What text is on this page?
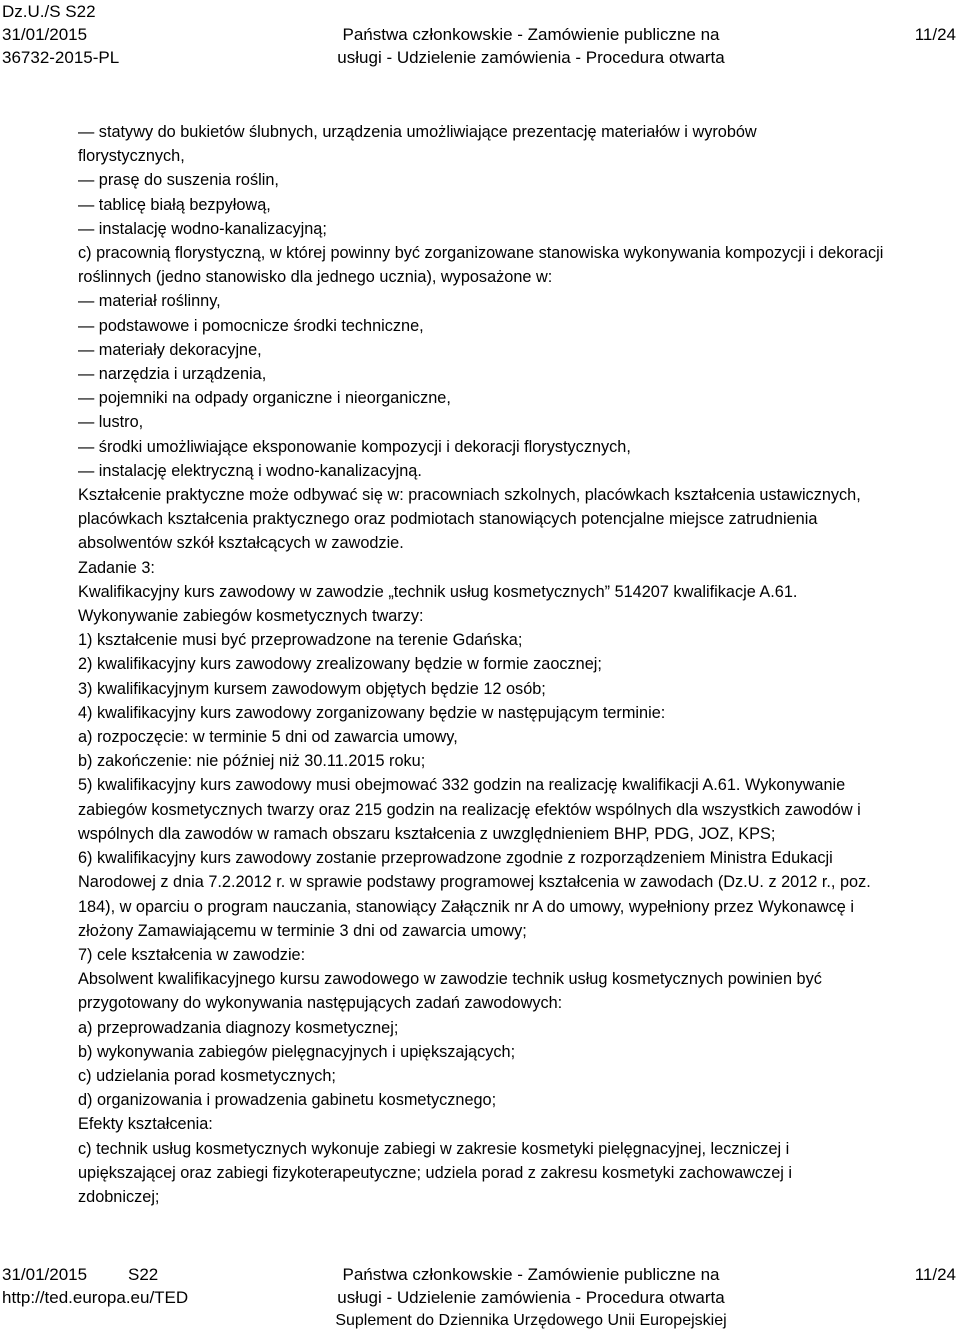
Dz.U./S S22
31/01/2015	Państwa członkowskie - Zamówienie publiczne na	11/24
36732-2015-PL	usługi - Udzielenie zamówienia - Procedura otwarta

— statywy do bukietów ślubnych, urządzenia umożliwiające prezentację materiałów i wyrobów

florystycznych,

— prasę do suszenia roślin,

— tablicę białą bezpyłową,

— instalację wodno-kanalizacyjną;

c) pracownią florystyczną, w której powinny być zorganizowane stanowiska wykonywania kompozycji i dekoracji

roślinnych (jedno stanowisko dla jednego ucznia), wyposażone w:

— materiał roślinny,

— podstawowe i pomocnicze środki techniczne,

— materiały dekoracyjne,

— narzędzia i urządzenia,

— pojemniki na odpady organiczne i nieorganiczne,

— lustro,

— środki umożliwiające eksponowanie kompozycji i dekoracji florystycznych,

— instalację elektryczną i wodno-kanalizacyjną.

Kształcenie praktyczne może odbywać się w: pracowniach szkolnych, placówkach kształcenia ustawicznych,

placówkach kształcenia praktycznego oraz podmiotach stanowiących potencjalne miejsce zatrudnienia

absolwentów szkół kształcących w zawodzie.

Zadanie 3:

Kwalifikacyjny kurs zawodowy w zawodzie „technik usług kosmetycznych” 514207 kwalifikacje A.61.

Wykonywanie zabiegów kosmetycznych twarzy:

1) kształcenie musi być przeprowadzone na terenie Gdańska;

2) kwalifikacyjny kurs zawodowy zrealizowany będzie w formie zaocznej;

3) kwalifikacyjnym kursem zawodowym objętych będzie 12 osób;

4) kwalifikacyjny kurs zawodowy zorganizowany będzie w następującym terminie:

a) rozpoczęcie: w terminie 5 dni od zawarcia umowy,

b) zakończenie: nie później niż 30.11.2015 roku;

5) kwalifikacyjny kurs zawodowy musi obejmować 332 godzin na realizację kwalifikacji A.61. Wykonywanie

zabiegów kosmetycznych twarzy oraz 215 godzin na realizację efektów wspólnych dla wszystkich zawodów i

wspólnych dla zawodów w ramach obszaru kształcenia z uwzględnieniem BHP, PDG, JOZ, KPS;

6) kwalifikacyjny kurs zawodowy zostanie przeprowadzone zgodnie z rozporządzeniem Ministra Edukacji

Narodowej z dnia 7.2.2012 r. w sprawie podstawy programowej kształcenia w zawodach (Dz.U. z 2012 r., poz.

184), w oparciu o program nauczania, stanowiący Załącznik nr A do umowy, wypełniony przez Wykonawcę i

złożony Zamawiającemu w terminie 3 dni od zawarcia umowy;

7) cele kształcenia w zawodzie:

Absolwent kwalifikacyjnego kursu zawodowego w zawodzie technik usług kosmetycznych powinien być

przygotowany do wykonywania następujących zadań zawodowych:

a) przeprowadzania diagnozy kosmetycznej;

b) wykonywania zabiegów pielęgnacyjnych i upiększających;

c) udzielania porad kosmetycznych;

d) organizowania i prowadzenia gabinetu kosmetycznego;

Efekty kształcenia:

c) technik usług kosmetycznych wykonuje zabiegi w zakresie kosmetyki pielęgnacyjnej, leczniczej i

upiększającej oraz zabiegi fizykoterapeutyczne; udziela porad z zakresu kosmetyki zachowawczej i

zdobniczej;

31/01/2015 S22	Państwa członkowskie - Zamówienie publiczne na	11/24
http://ted.europa.eu/TED	usługi - Udzielenie zamówienia - Procedura otwarta
Suplement do Dziennika Urzędowego Unii Europejskiej
